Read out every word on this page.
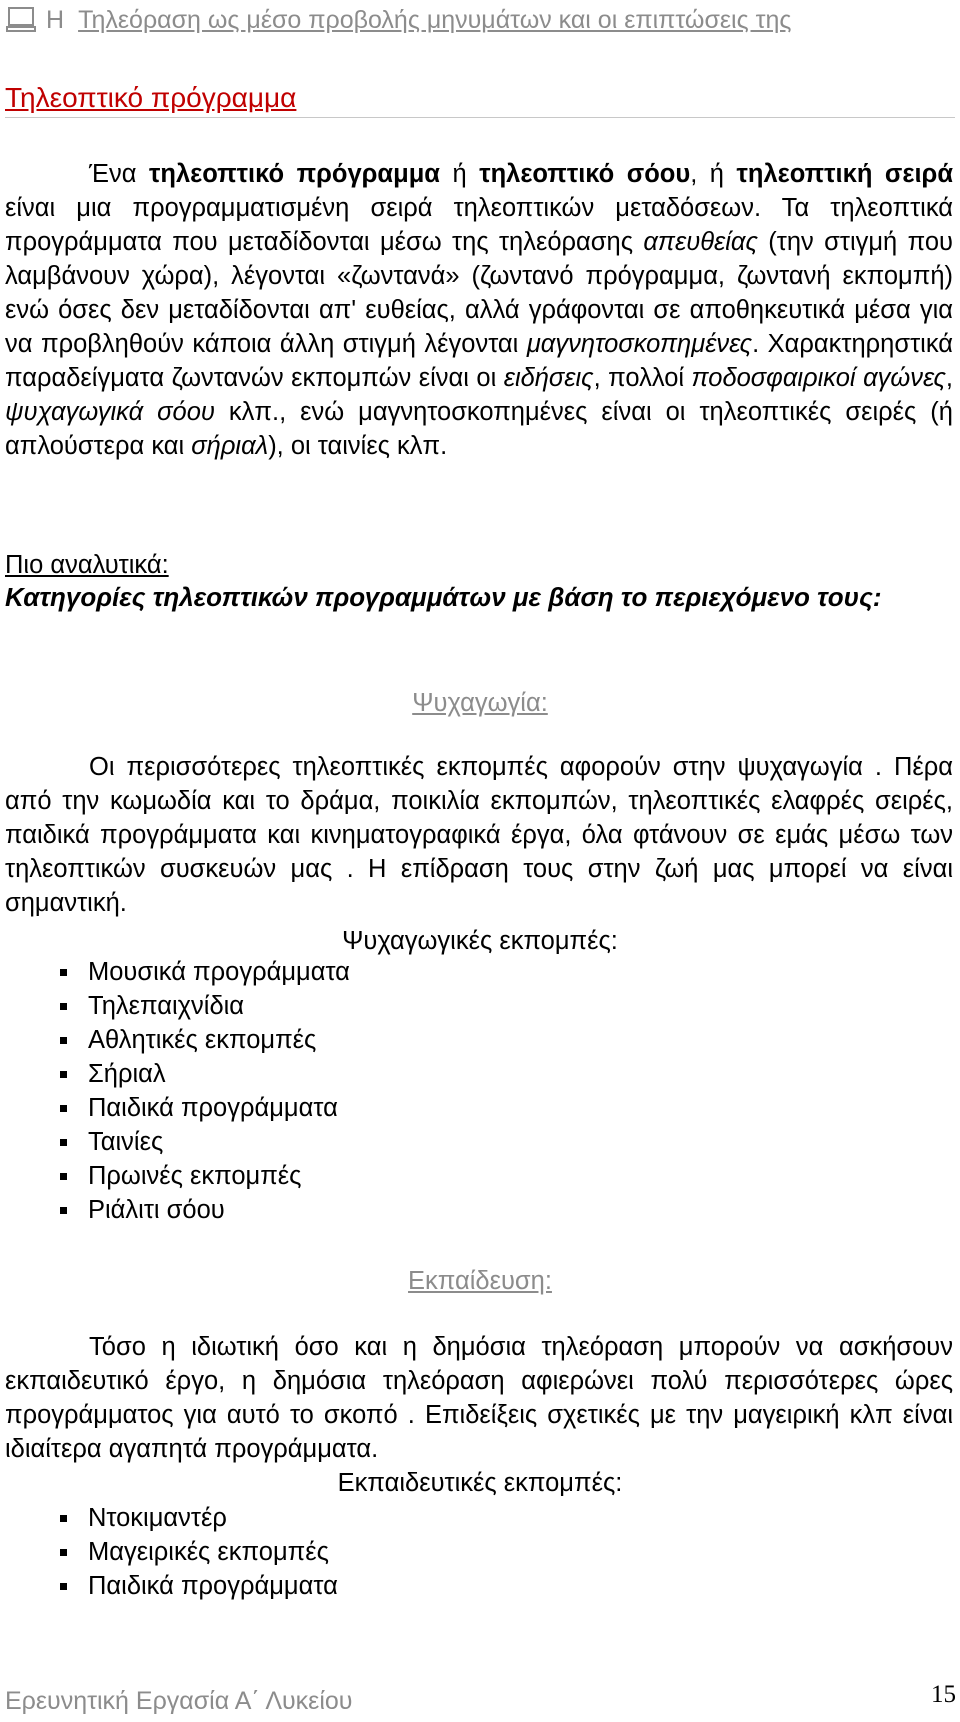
Η Τηλεόραση ως μέσο προβολής μηνυμάτων και οι επιπτώσεις της
Τηλεοπτικό πρόγραμμα
Ένα τηλεοπτικό πρόγραμμα ή τηλεοπτικό σόου, ή τηλεοπτική σειρά είναι μια προγραμματισμένη σειρά τηλεοπτικών μεταδόσεων. Τα τηλεοπτικά προγράμματα που μεταδίδονται μέσω της τηλεόρασης απευθείας (την στιγμή που λαμβάνουν χώρα), λέγονται «ζωντανά» (ζωντανό πρόγραμμα, ζωντανή εκπομπή) ενώ όσες δεν μεταδίδονται απ' ευθείας, αλλά γράφονται σε αποθηκευτικά μέσα για να προβληθούν κάποια άλλη στιγμή λέγονται μαγνητοσκοπημένες. Χαρακτηρηστικά παραδείγματα ζωντανών εκπομπών είναι οι ειδήσεις, πολλοί ποδοσφαιρικοί αγώνες, ψυχαγωγικά σόου κλπ., ενώ μαγνητοσκοπημένες είναι οι τηλεοπτικές σειρές (ή απλούστερα και σήριαλ), οι ταινίες κλπ.
Πιο αναλυτικά:
Κατηγορίες τηλεοπτικών προγραμμάτων με βάση το περιεχόμενο τους:
Ψυχαγωγία:
Οι περισσότερες τηλεοπτικές εκπομπές αφορούν στην ψυχαγωγία . Πέρα από την κωμωδία και το δράμα, ποικιλία εκπομπών, τηλεοπτικές ελαφρές σειρές, παιδικά προγράμματα και κινηματογραφικά έργα, όλα φτάνουν σε εμάς μέσω των τηλεοπτικών συσκευών μας . Η επίδραση τους στην ζωή μας μπορεί να είναι σημαντική.
Ψυχαγωγικές εκπομπές:
Μουσικά προγράμματα
Τηλεπαιχνίδια
Αθλητικές εκπομπές
Σήριαλ
Παιδικά προγράμματα
Ταινίες
Πρωινές εκπομπές
Ριάλιτι σόου
Εκπαίδευση:
Τόσο η ιδιωτική όσο και η δημόσια τηλεόραση μπορούν να ασκήσουν εκπαιδευτικό έργο, η δημόσια τηλεόραση αφιερώνει πολύ περισσότερες ώρες προγράμματος για αυτό το σκοπό . Επιδείξεις σχετικές με την μαγειρική κλπ είναι ιδιαίτερα αγαπητά προγράμματα.
Εκπαιδευτικές εκπομπές:
Ντοκιμαντέρ
Μαγειρικές εκπομπές
Παιδικά προγράμματα
Ερευνητική Εργασία Α΄ Λυκείου	15
